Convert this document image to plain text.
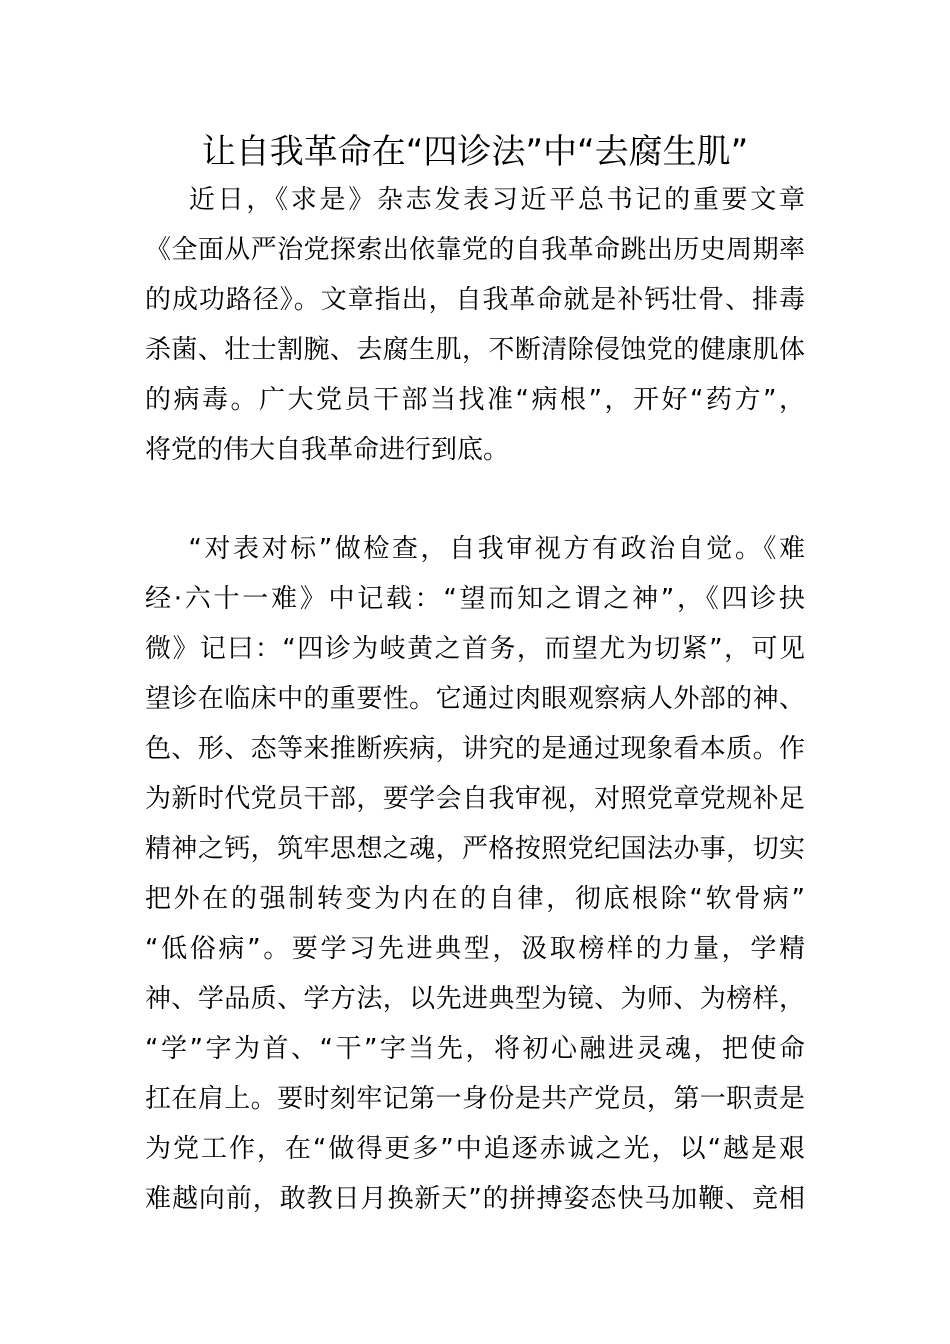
让自我革命在“四诊法”中“去腐生肌”
近日，《求是》杂志发表习近平总书记的重要文章
《全面从严治党探索出依靠党的自我革命跳出历史周期率
的成功路径》。文章指出，自我革命就是补钙壮骨、排毒
杀菌、壮士割腕、去腐生肌，不断清除侵蚀党的健康肌体
的病毒。广大党员干部当找准“病根”，开好“药方”，
将党的伟大自我革命进行到底。
“对表对标”做检查，自我审视方有政治自觉。《难
经·六十一难》中记载：“望而知之谓之神”，《四诊抉
微》记曰：“四诊为岐黄之首务，而望尤为切紧”，可见
望诊在临床中的重要性。它通过肉眼观察病人外部的神、
色、形、态等来推断疾病，讲究的是通过现象看本质。作
为新时代党员干部，要学会自我审视，对照党章党规补足
精神之钙，筑牢思想之魂，严格按照党纪国法办事，切实
把外在的强制转变为内在的自律，彻底根除“软骨病”
“低俗病”。要学习先进典型，汲取榜样的力量，学精
神、学品质、学方法，以先进典型为镜、为师、为榜样，
“学”字为首、“干”字当先，将初心融进灵魂，把使命
扛在肩上。要时刻牢记第一身份是共产党员，第一职责是
为党工作，在“做得更多”中追逐赤诚之光，以“越是艰
难越向前，敢教日月换新天”的拼搏姿态快马加鞭、竞相
